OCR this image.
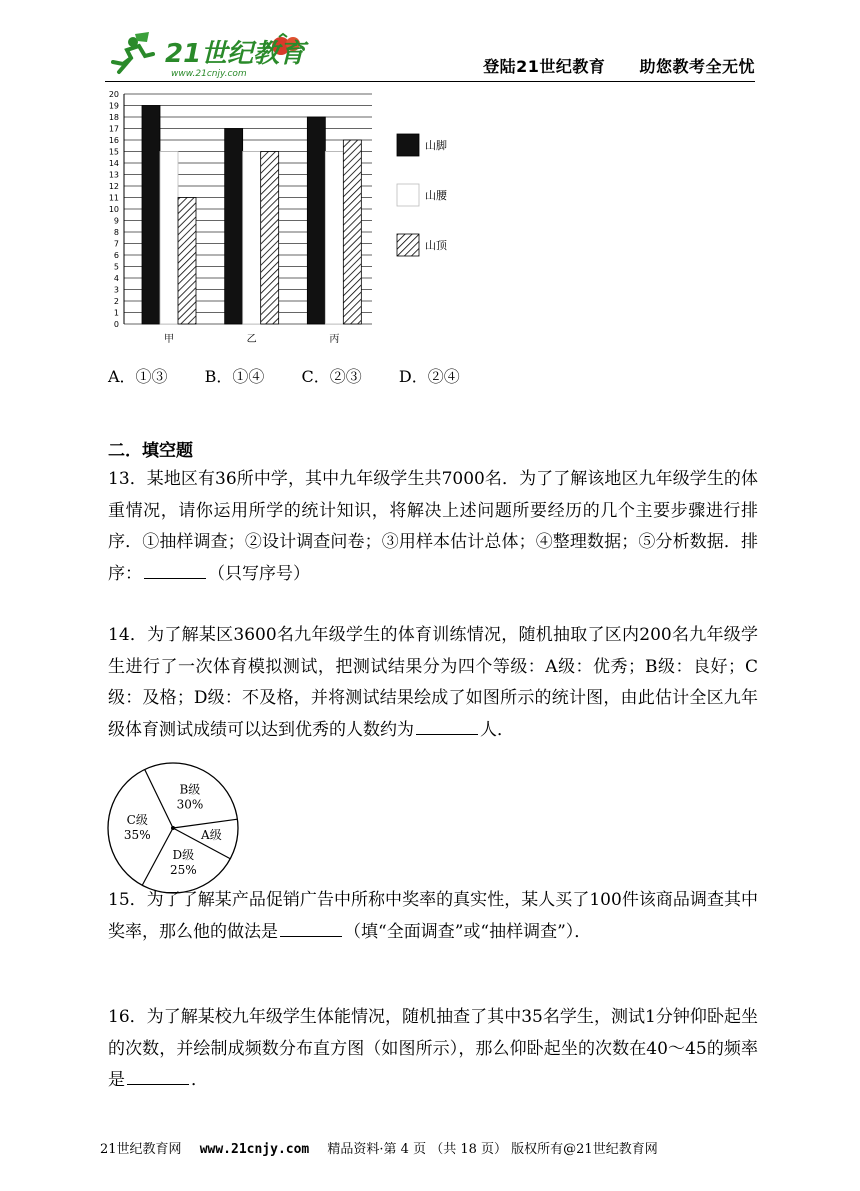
21世纪教育
www.21cnjy.com	登陆21世纪教育 助您教考全无忧
0
1
2
3
4
5
6
7
8
9
10
11
12
13
14
15
16
17
18
19
20
甲	乙	丙
山脚
山腰
山顶
A．①③ B．①④ C．②③ D．②④
二．填空题
13．某地区有36所中学，其中九年级学生共7000名．为了了解该地区九年级学生的体重情况，请你运用所学的统计知识，将解决上述问题所要经历的几个主要步骤进行排序．①抽样调查；②设计调查问卷；③用样本估计总体；④整理数据；⑤分析数据．排序：	（只写序号）
14．为了解某区3600名九年级学生的体育训练情况，随机抽取了区内200名九年级学生进行了一次体育模拟测试，把测试结果分为四个等级：A级：优秀；B级：良好；C级：及格；D级：不及格，并将测试结果绘成了如图所示的统计图，由此估计全区九年级体育测试成绩可以达到优秀的人数约为	人．
B级
30%
A级
D级
25%
C级
35%
15．为了了解某产品促销广告中所称中奖率的真实性，某人买了100件该商品调查其中奖率，那么他的做法是	（填“全面调查”或“抽样调查”）．
16．为了解某校九年级学生体能情况，随机抽查了其中35名学生，测试1分钟仰卧起坐的次数，并绘制成频数分布直方图（如图所示），那么仰卧起坐的次数在40～45的频率是	．
21世纪教育网 www.21cnjy.com 精品资料·第 4 页 （共 18 页） 版权所有@21世纪教育网
